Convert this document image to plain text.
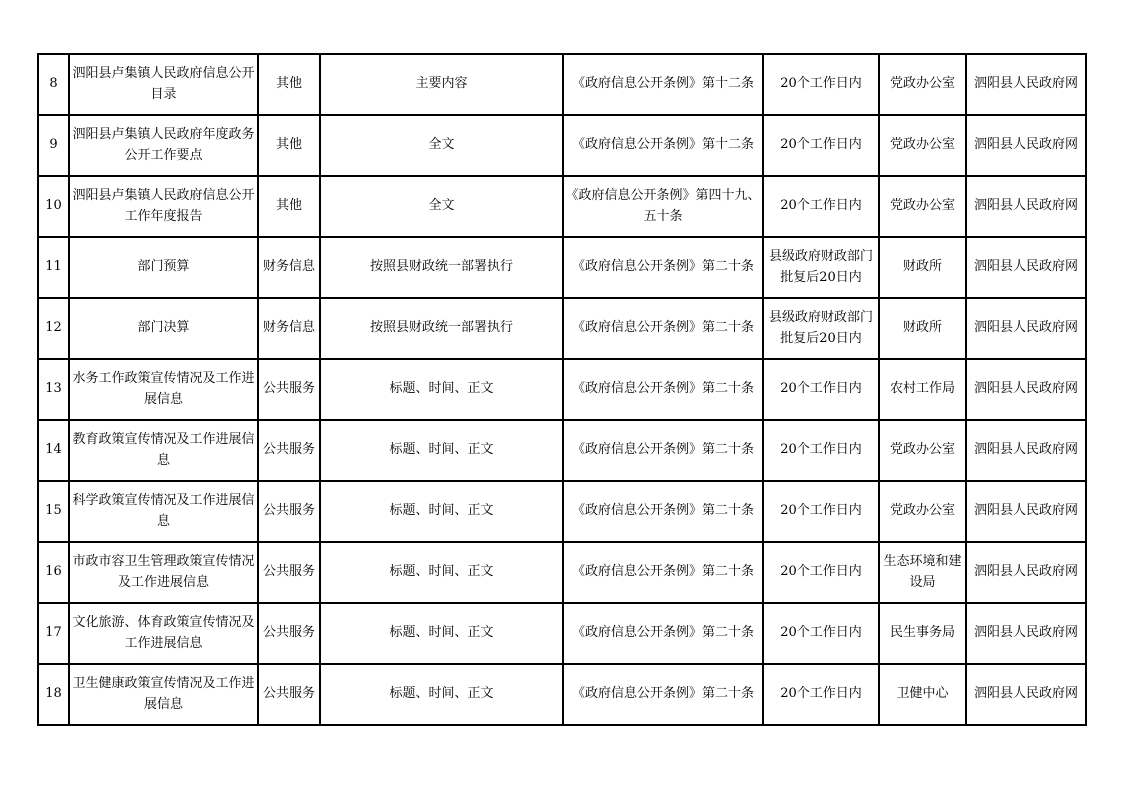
8	泗阳县卢集镇人民政府信息公开目录	其他	主要内容	《政府信息公开条例》第十二条	20个工作日内	党政办公室	泗阳县人民政府网
9	泗阳县卢集镇人民政府年度政务公开工作要点	其他	全文	《政府信息公开条例》第十二条	20个工作日内	党政办公室	泗阳县人民政府网
10	泗阳县卢集镇人民政府信息公开工作年度报告	其他	全文	《政府信息公开条例》第四十九、五十条	20个工作日内	党政办公室	泗阳县人民政府网
11	部门预算	财务信息	按照县财政统一部署执行	《政府信息公开条例》第二十条	县级政府财政部门批复后20日内	财政所	泗阳县人民政府网
12	部门决算	财务信息	按照县财政统一部署执行	《政府信息公开条例》第二十条	县级政府财政部门批复后20日内	财政所	泗阳县人民政府网
13	水务工作政策宣传情况及工作进展信息	公共服务	标题、时间、正文	《政府信息公开条例》第二十条	20个工作日内	农村工作局	泗阳县人民政府网
14	教育政策宣传情况及工作进展信息	公共服务	标题、时间、正文	《政府信息公开条例》第二十条	20个工作日内	党政办公室	泗阳县人民政府网
15	科学政策宣传情况及工作进展信息	公共服务	标题、时间、正文	《政府信息公开条例》第二十条	20个工作日内	党政办公室	泗阳县人民政府网
16	市政市容卫生管理政策宣传情况及工作进展信息	公共服务	标题、时间、正文	《政府信息公开条例》第二十条	20个工作日内	生态环境和建设局	泗阳县人民政府网
17	文化旅游、体育政策宣传情况及工作进展信息	公共服务	标题、时间、正文	《政府信息公开条例》第二十条	20个工作日内	民生事务局	泗阳县人民政府网
18	卫生健康政策宣传情况及工作进展信息	公共服务	标题、时间、正文	《政府信息公开条例》第二十条	20个工作日内	卫健中心	泗阳县人民政府网
